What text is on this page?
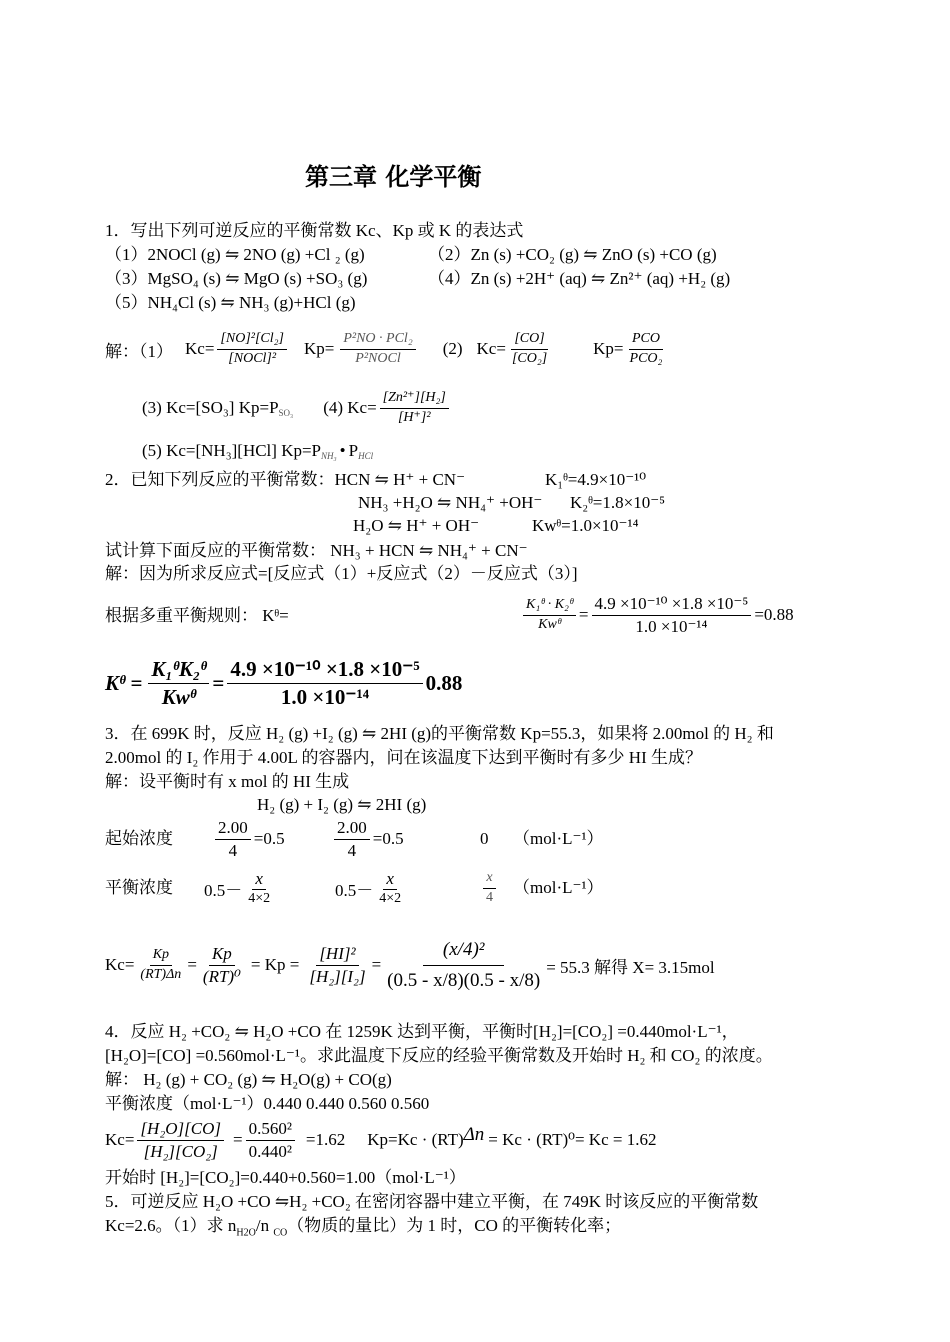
第三章 化学平衡
1．写出下列可逆反应的平衡常数 Kc、Kp 或 K 的表达式
（1）2NOCl (g) ⇋ 2NO (g) +Cl ₂ (g)	（2）Zn (s) +CO₂ (g) ⇋ ZnO (s) +CO (g)
（3）MgSO₄ (s) ⇋ MgO (s) +SO₃ (g)	（4）Zn (s) +2H⁺ (aq) ⇋ Zn²⁺ (aq) +H₂ (g)
（5）NH₄Cl (s) ⇋ NH₃ (g)+HCl (g)
解：（1） $Kc= \frac{\text{[NO]²[Cl₂]}}{\text{[NOCl]²}} Kp= \frac{\text{P²NO · PCl₂}}{\text{P²NOCl}} (2)$ $Kc= \frac{[CO]}{\text{[CO₂]}}$	$Kp= \frac{\text{PCO}}{\text{PCO₂}}$
(3) Kc=[SO₃] Kp=P SO₃ (4) $Kc= \frac{\text{[Zn²⁺][H₂]}}{\text{[H⁺]²}}$
(5) Kc=[NH₃][HCl] Kp=P NH₃ • P HCl
2．已知下列反应的平衡常数：HCN ⇋ H⁺ + CN⁻	K₁ᶿ=4.9×10⁻¹⁰
NH₃ +H₂O ⇋ NH₄⁺ +OH⁻ K₂ᶿ=1.8×10⁻⁵
H₂O ⇋ H⁺ + OH⁻	Kwᶿ=1.0×10⁻¹⁴
试计算下面反应的平衡常数： NH₃ + HCN ⇋ NH₄⁺ + CN⁻
解：因为所求反应式=[反应式（1）+反应式（2）－反应式（3）]
根据多重平衡规则： Kᶿ=	$\frac{\text{K₁ᶿ · K₂ᶿ}}{\text{Kwᶿ}} = \frac{\text{4.9 ×10⁻¹⁰ ×1.8 ×10⁻⁵}}{\text{1.0 ×10⁻¹⁴}} =0.88$
Kᶿ = $\frac{\text{K₁ᶿK₂ᶿ}}{\text{Kwᶿ}} = \frac{\text{4.9 ×10⁻¹⁰ ×1.8 ×10⁻⁵}}{\text{1.0 ×10⁻¹⁴}} 0.88$
3．在 699K 时，反应 H₂ (g) +I₂ (g) ⇋ 2HI (g)的平衡常数 Kp=55.3，如果将 2.00mol 的 H₂ 和
2.00mol 的 I₂ 作用于 4.00L 的容器内，问在该温度下达到平衡时有多少 HI 生成？
解：设平衡时有 x mol 的 HI 生成
H₂ (g) + I₂ (g) ⇋ 2HI (g)
起始浓度 $\frac{2.00}{4} =0.5$	$\frac{2.00}{4} =0.5$	0 （mol·L⁻¹）
平衡浓度 $0.5- \frac{x}{4\times 2}$	$0.5- \frac{x}{4\times 2}$	$\frac{x}{4} (mol\cdot L^{-1})$
$Kc= \frac{Kp}{(RT)\Delta n} = \frac{Kp}{\text{(RT)⁰}} = Kp = \frac{\text{[HI]²}}{\text{[H₂][I₂]}} = \frac{\text{(x/4)²}}{(0.5 - x/8)(0.5 - x/8)} = 55.3$ 解得 X= 3.15mol
4．反应 H₂ +CO₂ ⇋ H₂O +CO 在 1259K 达到平衡，平衡时[H₂]=[CO₂] =0.440mol·L⁻¹，
[H₂O]=[CO] =0.560mol·L⁻¹。求此温度下反应的经验平衡常数及开始时 H₂ 和 CO₂ 的浓度。
解： H₂ (g) + CO₂ (g) ⇋ H₂O(g) + CO(g)
平衡浓度（mol·L⁻¹）0.440 0.440 0.560 0.560
$Kc= \frac{\text{[H₂O][CO]}}{\text{[H₂][CO₂]}} = \frac{\text{0.560²}}{\text{0.440²}} =1.62$ Kp=Kc · (RT) Δn = Kc · (RT)⁰= Kc = 1.62
开始时 [H₂]=[CO₂]=0.440+0.560=1.00（mol·L⁻¹）
5．可逆反应 H₂O +CO ⇋H₂ +CO₂ 在密闭容器中建立平衡，在 749K 时该反应的平衡常数
Kc=2.6。（1）求 $n_{H2O}/n$ $_{CO}$（物质的量比）为 1 时，CO 的平衡转化率；
